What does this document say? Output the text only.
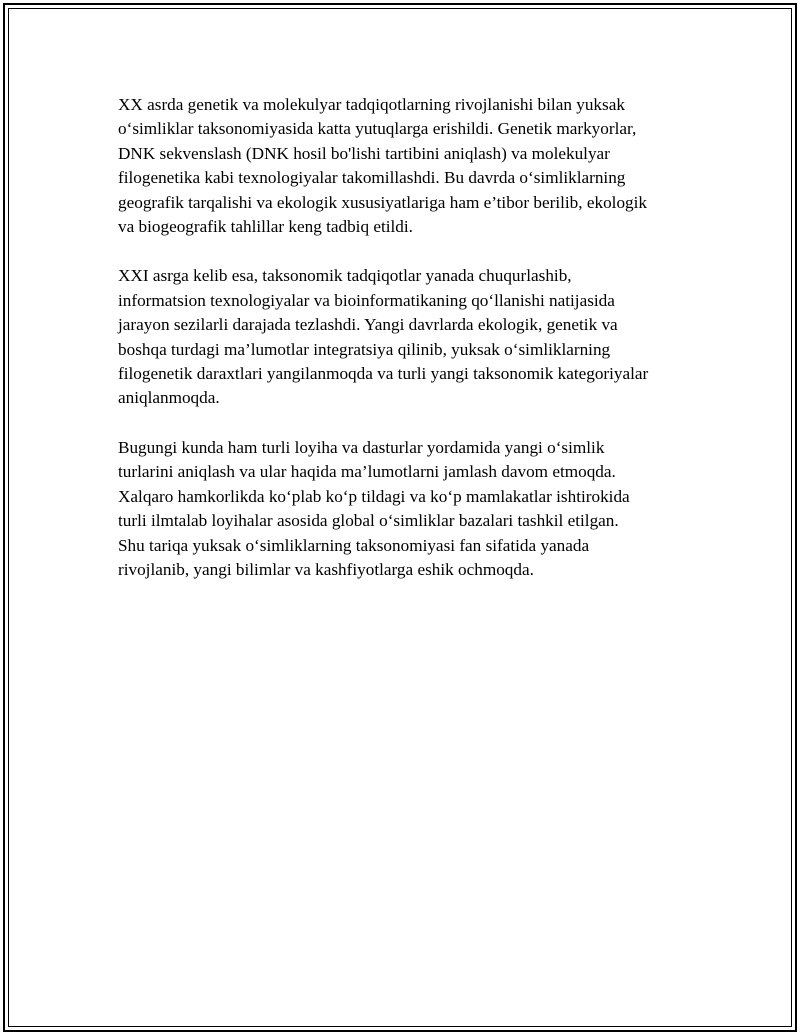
XX asrda genetik va molekulyar tadqiqotlarning rivojlanishi bilan yuksak
o‘simliklar taksonomiyasida katta yutuqlarga erishildi. Genetik markyorlar,
DNK sekvenslash (DNK hosil bo'lishi tartibini aniqlash) va molekulyar
filogenetika kabi texnologiyalar takomillashdi. Bu davrda o‘simliklarning
geografik tarqalishi va ekologik xususiyatlariga ham e’tibor berilib, ekologik
va biogeografik tahlillar keng tadbiq etildi.

XXI asrga kelib esa, taksonomik tadqiqotlar yanada chuqurlashib,
informatsion texnologiyalar va bioinformatikaning qo‘llanishi natijasida
jarayon sezilarli darajada tezlashdi. Yangi davrlarda ekologik, genetik va
boshqa turdagi ma’lumotlar integratsiya qilinib, yuksak o‘simliklarning
filogenetik daraxtlari yangilanmoqda va turli yangi taksonomik kategoriyalar
aniqlanmoqda.

Bugungi kunda ham turli loyiha va dasturlar yordamida yangi o‘simlik
turlarini aniqlash va ular haqida ma’lumotlarni jamlash davom etmoqda.
Xalqaro hamkorlikda ko‘plab ko‘p tildagi va ko‘p mamlakatlar ishtirokida
turli ilmtalab loyihalar asosida global o‘simliklar bazalari tashkil etilgan.
Shu tariqa yuksak o‘simliklarning taksonomiyasi fan sifatida yanada
rivojlanib, yangi bilimlar va kashfiyotlarga eshik ochmoqda.
